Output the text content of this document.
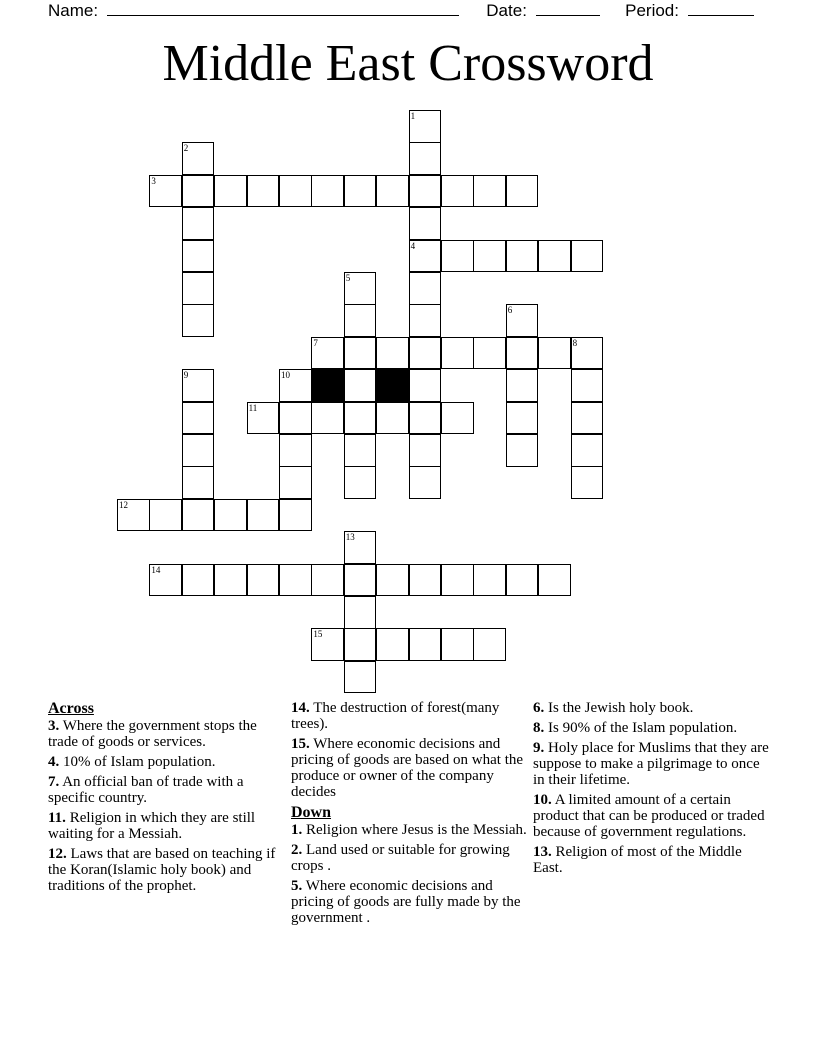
Name:	Date:	Period:
Middle East Crossword
3
4
7	8
11
12
14
15
1
2
5
6
9	10
13
Across
3. Where the government stops the trade of goods or services.
4. 10% of Islam population.
7. An official ban of trade with a specific country.
11. Religion in which they are still waiting for a Messiah.
12. Laws that are based on teaching if the Koran(Islamic holy book) and traditions of the prophet.
14. The destruction of forest(many trees).
15. Where economic decisions and pricing of goods are based on what the produce or owner of the company decides
Down
1. Religion where Jesus is the Messiah.
2. Land used or suitable for growing crops .
5. Where economic decisions and pricing of goods are fully made by the government .
6. Is the Jewish holy book.
8. Is 90% of the Islam population.
9. Holy place for Muslims that they are suppose to make a pilgrimage to once in their lifetime.
10. A limited amount of a certain product that can be produced or traded because of government regulations.
13. Religion of most of the Middle East.
